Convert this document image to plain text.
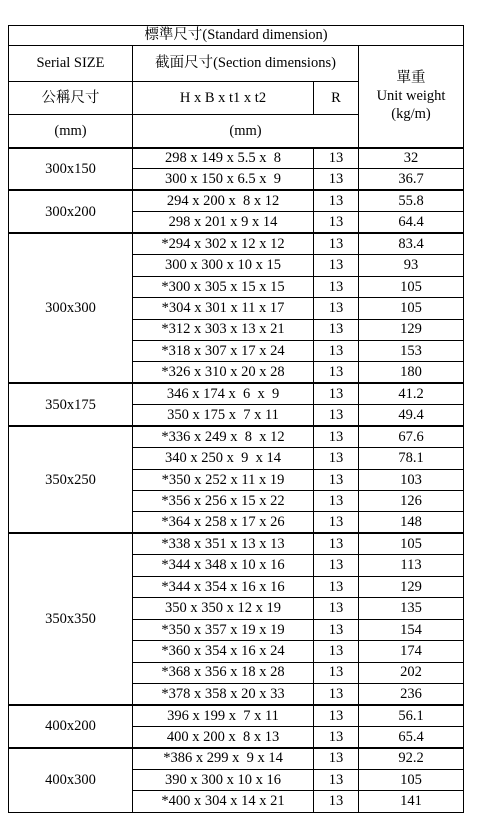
標準尺寸(Standard dimension)			
Serial SIZE	截面尺寸(Section dimensions)		單重
Unit weight
(kg/m)
公稱尺寸	H x B x t1 x t2	R	
(mm)	(mm)		
300x150	298 x 149 x 5.5 x  8	13	32
	300 x 150 x 6.5 x  9	13	36.7
300x200	294 x 200 x  8 x 12	13	55.8
	298 x 201 x 9 x 14	13	64.4
300x300	*294 x 302 x 12 x 12	13	83.4
	300 x 300 x 10 x 15	13	93
	*300 x 305 x 15 x 15	13	105
	*304 x 301 x 11 x 17	13	105
	*312 x 303 x 13 x 21	13	129
	*318 x 307 x 17 x 24	13	153
	*326 x 310 x 20 x 28	13	180
350x175	346 x 174 x  6  x  9	13	41.2
	350 x 175 x  7 x 11	13	49.4
350x250	*336 x 249 x  8  x 12	13	67.6
	340 x 250 x  9  x 14	13	78.1
	*350 x 252 x 11 x 19	13	103
	*356 x 256 x 15 x 22	13	126
	*364 x 258 x 17 x 26	13	148
350x350	*338 x 351 x 13 x 13	13	105
	*344 x 348 x 10 x 16	13	113
	*344 x 354 x 16 x 16	13	129
	350 x 350 x 12 x 19	13	135
	*350 x 357 x 19 x 19	13	154
	*360 x 354 x 16 x 24	13	174
	*368 x 356 x 18 x 28	13	202
	*378 x 358 x 20 x 33	13	236
400x200	396 x 199 x  7 x 11	13	56.1
	400 x 200 x  8 x 13	13	65.4
400x300	*386 x 299 x  9 x 14	13	92.2
	390 x 300 x 10 x 16	13	105
	*400 x 304 x 14 x 21	13	141
